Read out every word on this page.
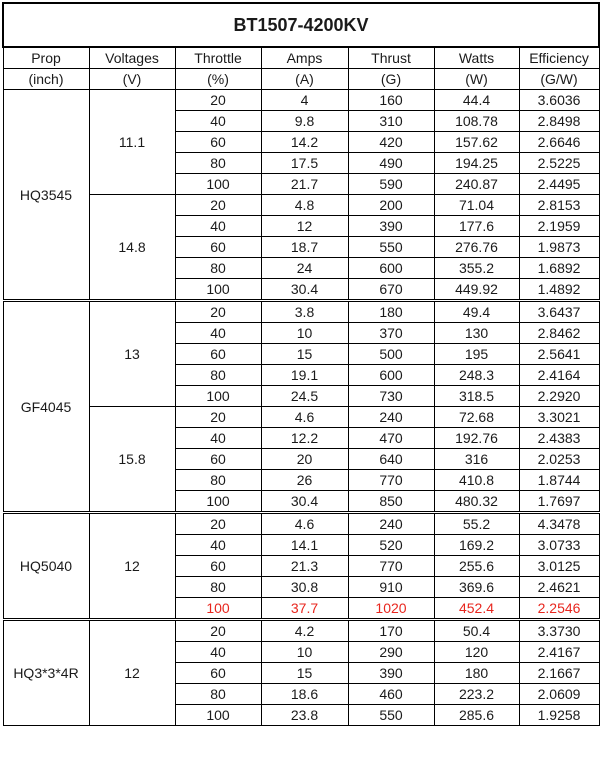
BT1507-4200KV						
Prop	Voltages	Throttle	Amps	Thrust	Watts	Efficiency
(inch)	(V)	(%)	(A)	(G)	(W)	(G/W)
HQ3545	11.1	20	4	160	44.4	3.6036
		40	9.8	310	108.78	2.8498
		60	14.2	420	157.62	2.6646
		80	17.5	490	194.25	2.5225
		100	21.7	590	240.87	2.4495
	14.8	20	4.8	200	71.04	2.8153
		40	12	390	177.6	2.1959
		60	18.7	550	276.76	1.9873
		80	24	600	355.2	1.6892
		100	30.4	670	449.92	1.4892
GF4045	13	20	3.8	180	49.4	3.6437
		40	10	370	130	2.8462
		60	15	500	195	2.5641
		80	19.1	600	248.3	2.4164
		100	24.5	730	318.5	2.2920
	15.8	20	4.6	240	72.68	3.3021
		40	12.2	470	192.76	2.4383
		60	20	640	316	2.0253
		80	26	770	410.8	1.8744
		100	30.4	850	480.32	1.7697
HQ5040	12	20	4.6	240	55.2	4.3478
		40	14.1	520	169.2	3.0733
		60	21.3	770	255.6	3.0125
		80	30.8	910	369.6	2.4621
		100	37.7	1020	452.4	2.2546
HQ3*3*4R	12	20	4.2	170	50.4	3.3730
		40	10	290	120	2.4167
		60	15	390	180	2.1667
		80	18.6	460	223.2	2.0609
		100	23.8	550	285.6	1.9258
